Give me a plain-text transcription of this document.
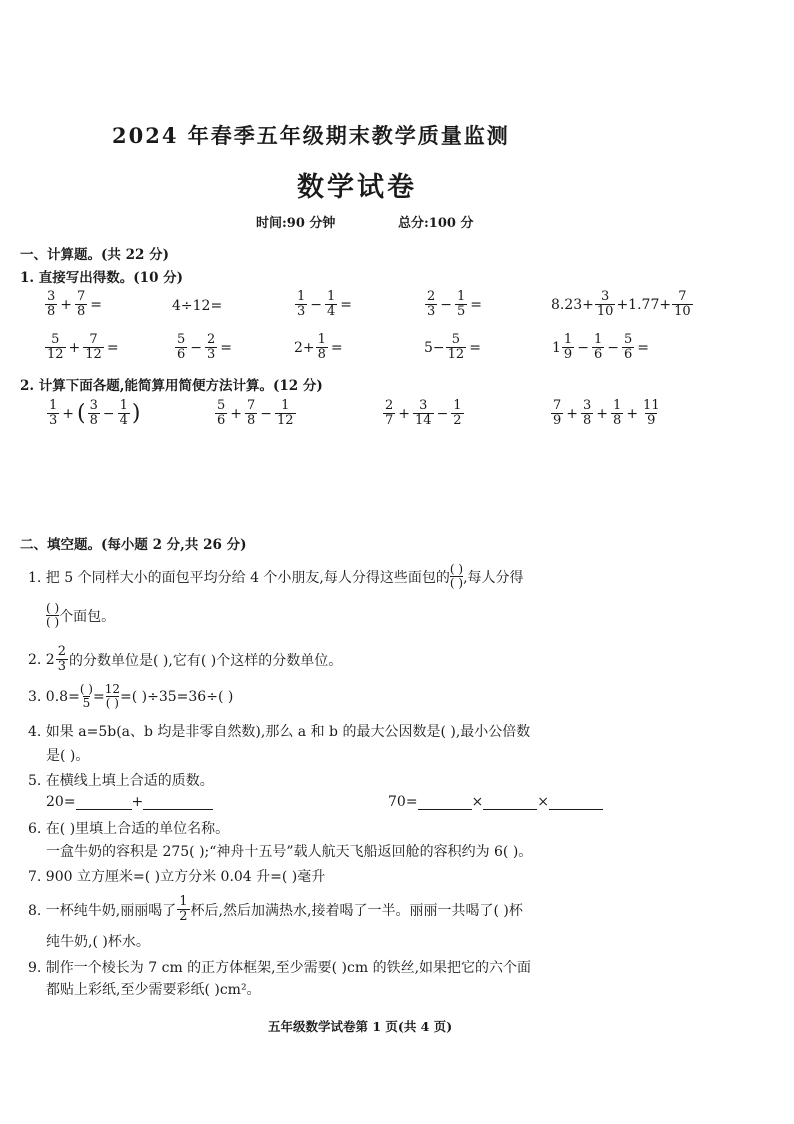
2024 年春季五年级期末教学质量监测
数学试卷
时间:90 分钟	总分:100 分
一、计算题。(共 22 分)
1. 直接写出得数。(10 分)
$\frac{3}{8} + \frac{7}{8}$ =	4÷12=	$\frac{1}{3} - \frac{1}{4}$ =	$\frac{2}{3} - \frac{1}{5}$ =	$8.23+ \frac{3}{10} +1.77+ \frac{7}{10}$
$\frac{5}{12} + \frac{7}{12}$ =	$\frac{5}{6} - \frac{2}{3}$ =	$2+ \frac{1}{8}$ =	$5- \frac{5}{12}$ =	$1 \frac{1}{9} - \frac{1}{6} - \frac{5}{6}$ =
2. 计算下面各题,能简算用简便方法计算。(12 分)
$\frac{1}{3}$ + ( $\frac{3}{8} - \frac{1}{4}$ )	$\frac{5}{6} + \frac{7}{8} - \frac{1}{12}$	$\frac{2}{7} + \frac{3}{14} - \frac{1}{2}$	$\frac{7}{9} + \frac{3}{8} + \frac{1}{8} + \frac{11}{9}$
二、填空题。(每小题 2 分,共 26 分)
1. 把 5 个同样大小的面包平均分给 4 个小朋友,每人分得这些面包的
( )
( ) ,每人分得
( )
( ) 个面包。
2. $2 \frac{2}{3}$ 的分数单位是( ),它有( )个这样的分数单位。
3. 0.8= ( )
5 = 12
( ) =( )÷35=36÷( )
4. 如果 a=5b(a、b 均是非零自然数),那么 a 和 b 的最大公因数是( ),最小公倍数
是( )。
5. 在横线上填上合适的质数。
20=	+	70=	×	×
6. 在( )里填上合适的单位名称。
一盒牛奶的容积是 275( );“神舟十五号”载人航天飞船返回舱的容积约为 6( )。
7. 900 立方厘米=( )立方分米 0.04 升=( )毫升
8. 一杯纯牛奶,丽丽喝了 $\frac{1}{2}$ 杯后,然后加满热水,接着喝了一半。丽丽一共喝了( )杯
纯牛奶,( )杯水。
9. 制作一个棱长为 7 cm 的正方体框架,至少需要( )cm 的铁丝,如果把它的六个面
都贴上彩纸,至少需要彩纸( )cm²。
五年级数学试卷第 1 页(共 4 页)
